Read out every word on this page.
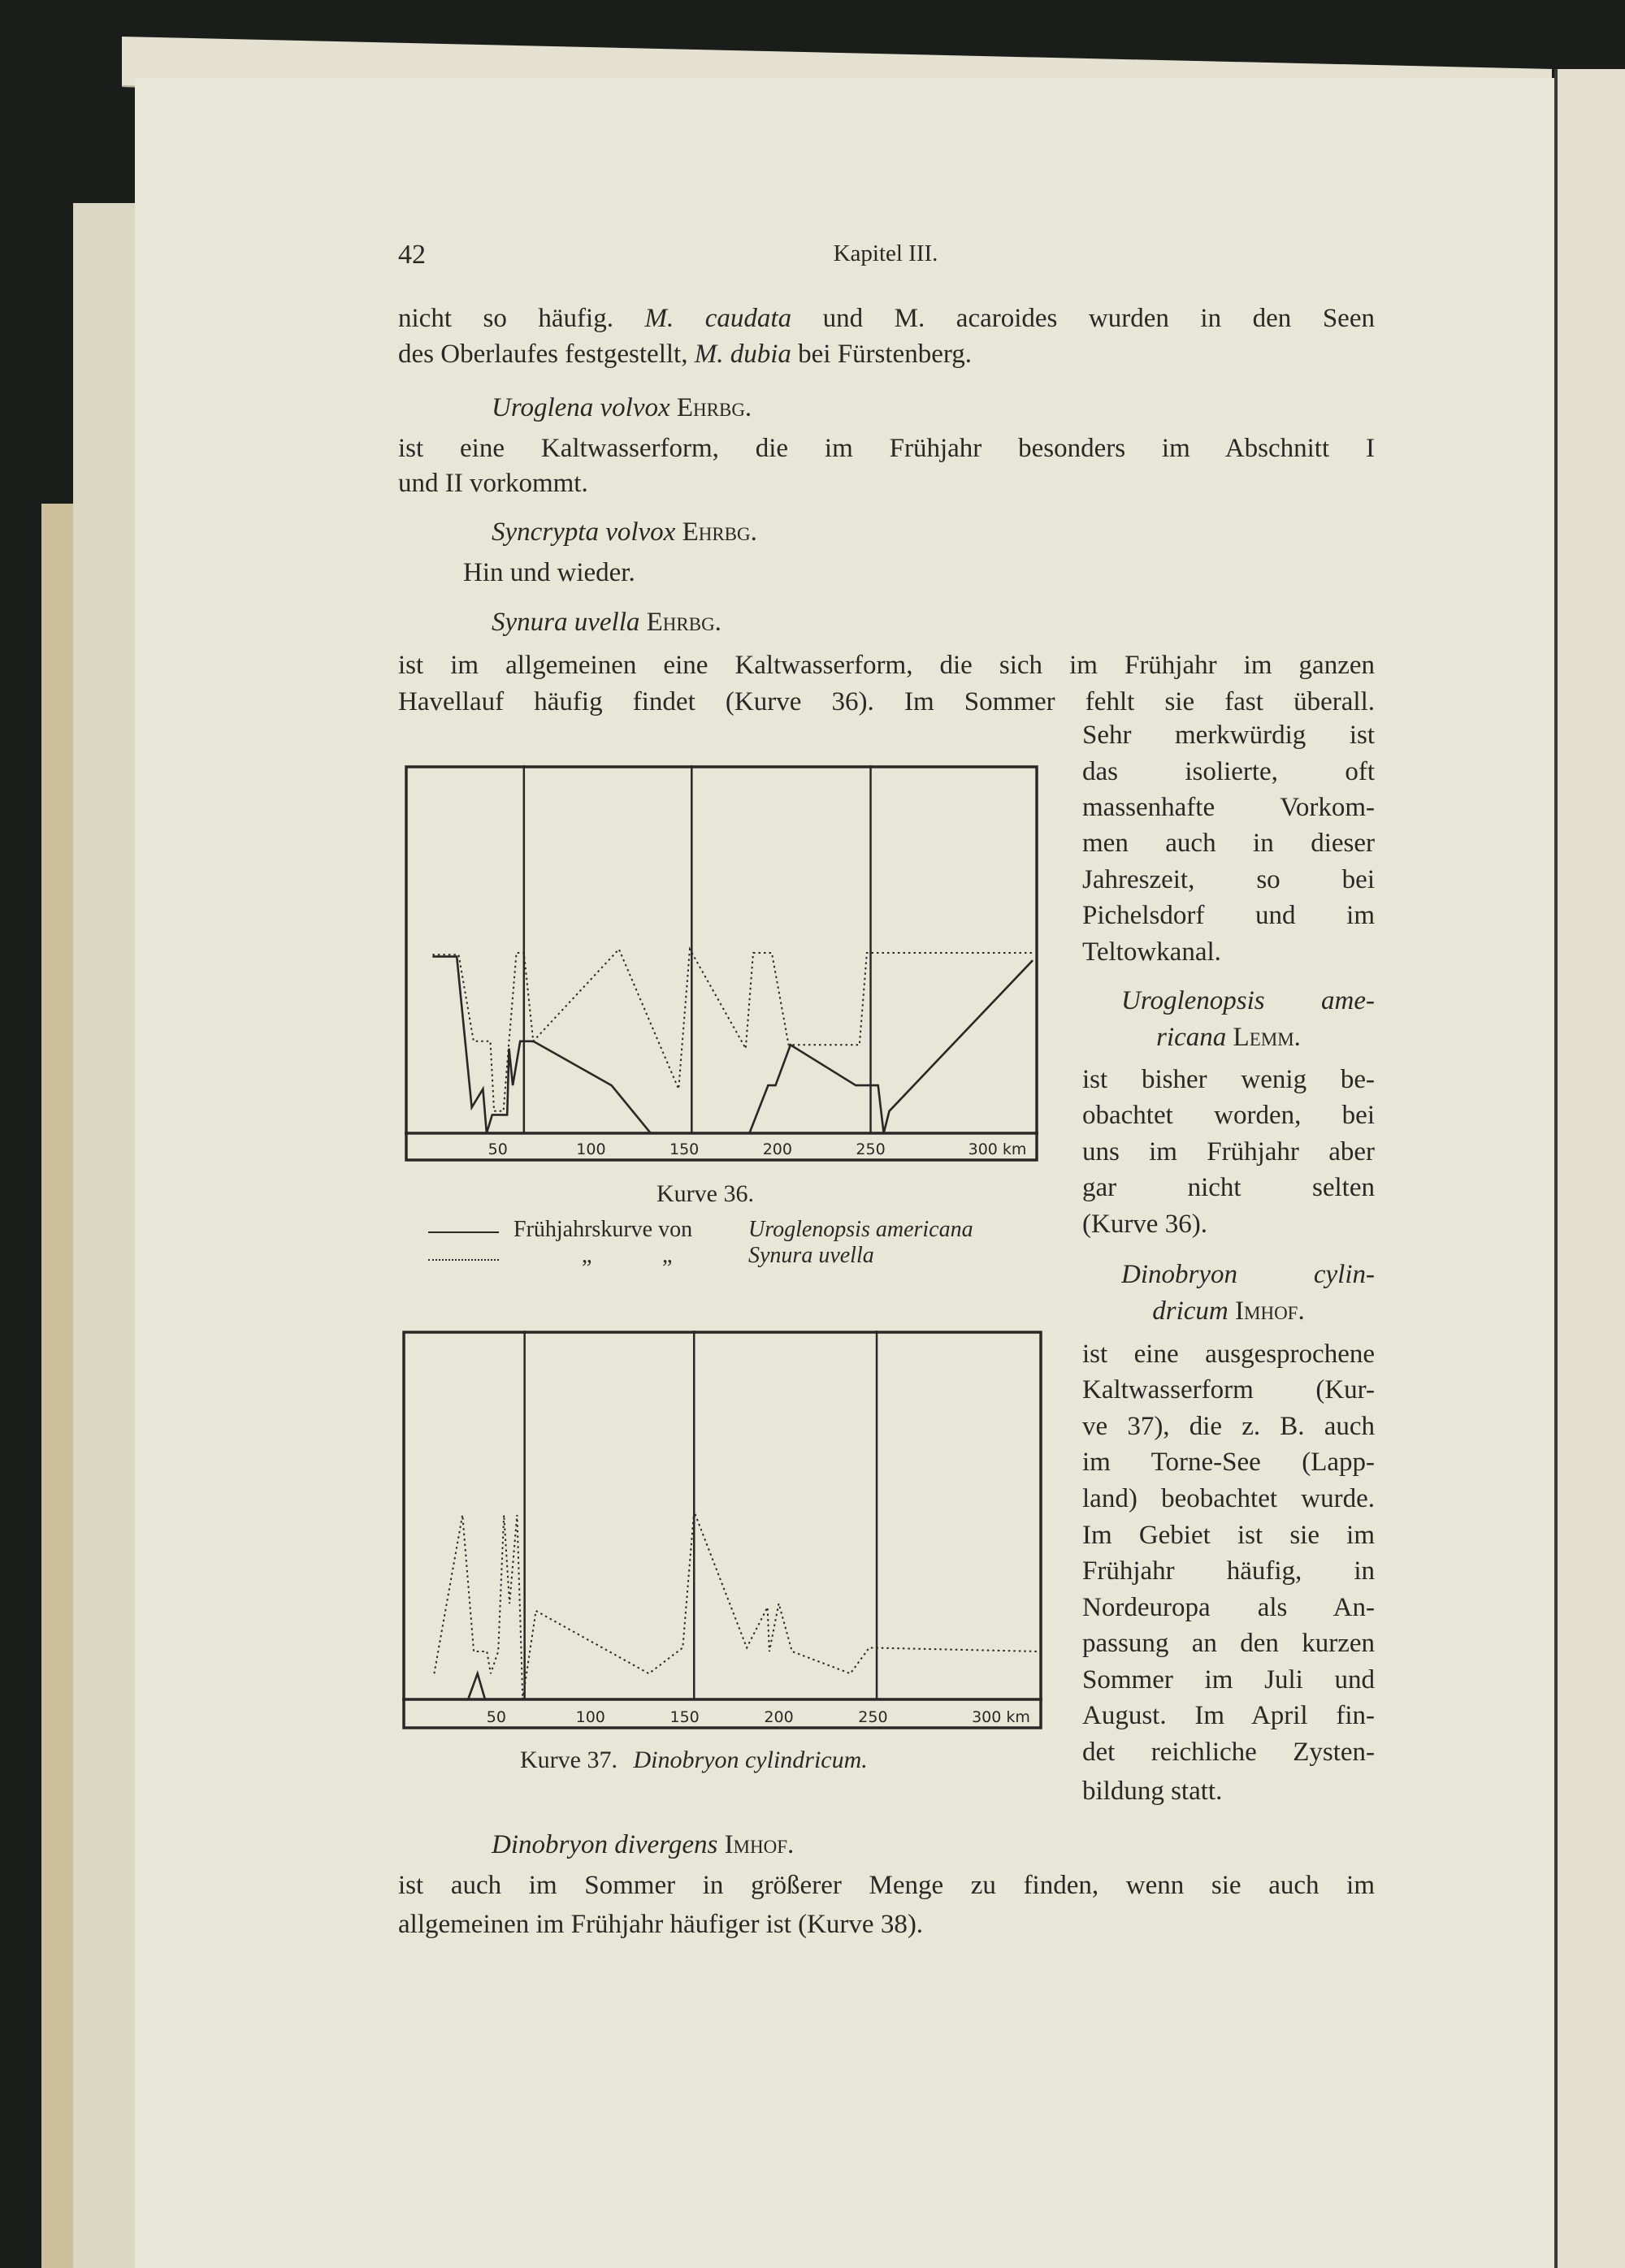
42	Kapitel III.
nicht so häufig. M. caudata und M. acaroides wurden in den Seen
des Oberlaufes festgestellt, M. dubia bei Fürstenberg.
Uroglena volvox Ehrbg.
ist eine Kaltwasserform, die im Frühjahr besonders im Abschnitt I
und II vorkommt.
Syncrypta volvox Ehrbg.
Hin und wieder.
Synura uvella Ehrbg.
ist im allgemeinen eine Kaltwasserform, die sich im Frühjahr im ganzen
Havellauf häufig findet (Kurve 36). Im Sommer fehlt sie fast überall.
Sehr merkwürdig ist
das isolierte, oft
massenhafte Vorkom-
men auch in dieser
Jahreszeit, so bei
Pichelsdorf und im
Teltowkanal.
Uroglenopsis ame-
ricana Lemm.
ist bisher wenig be-
obachtet worden, bei
uns im Frühjahr aber
gar nicht selten
(Kurve 36).
Dinobryon cylin-
dricum Imhof.
ist eine ausgesprochene
Kaltwasserform (Kur-
ve 37), die z. B. auch
im Torne-See (Lapp-
land) beobachtet wurde.
Im Gebiet ist sie im
Frühjahr häufig, in
Nordeuropa als An-
passung an den kurzen
Sommer im Juli und
August. Im April fin-
det reichliche Zysten-
bildung statt.
Dinobryon divergens Imhof.
ist auch im Sommer in größerer Menge zu finden, wenn sie auch im
allgemeinen im Frühjahr häufiger ist (Kurve 38).
50	100	150	200	250	300 km
Kurve 36.
Frühjahrskurve von Uroglenopsis americana
„	„	Synura uvella
50	100	150	200	250	300 km
Kurve 37. Dinobryon cylindricum.
